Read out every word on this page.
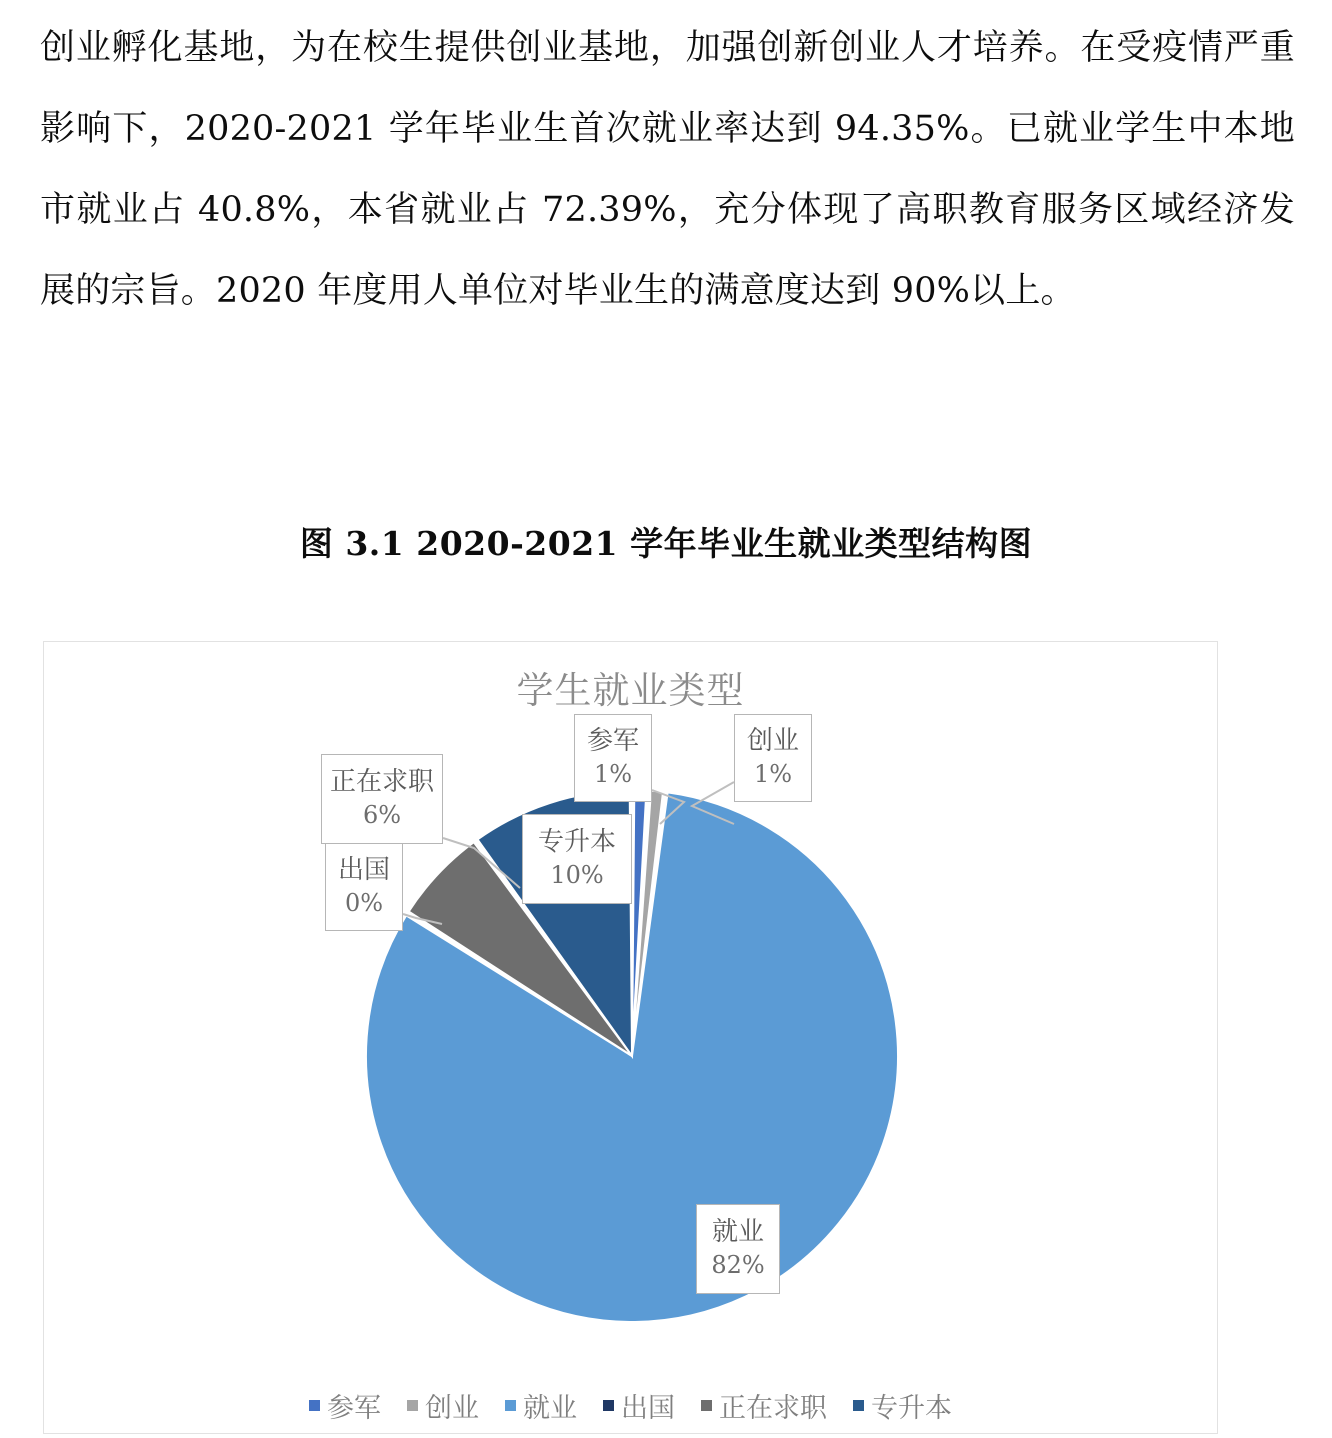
创业孵化基地，为在校生提供创业基地，加强创新创业人才培养。在受疫情严重影响下，2020-2021 学年毕业生首次就业率达到 94.35%。已就业学生中本地市就业占 40.8%，本省就业占 72.39%，充分体现了高职教育服务区域经济发展的宗旨。2020 年度用人单位对毕业生的满意度达到 90%以上。

图 3.1 2020-2021 学年毕业生就业类型结构图
学生就业类型
参军
1%
创业
1%
正在求职
6%
出国
0%
专升本
10%
就业
82%
参军 创业 就业 出国 正在求职 专升本
